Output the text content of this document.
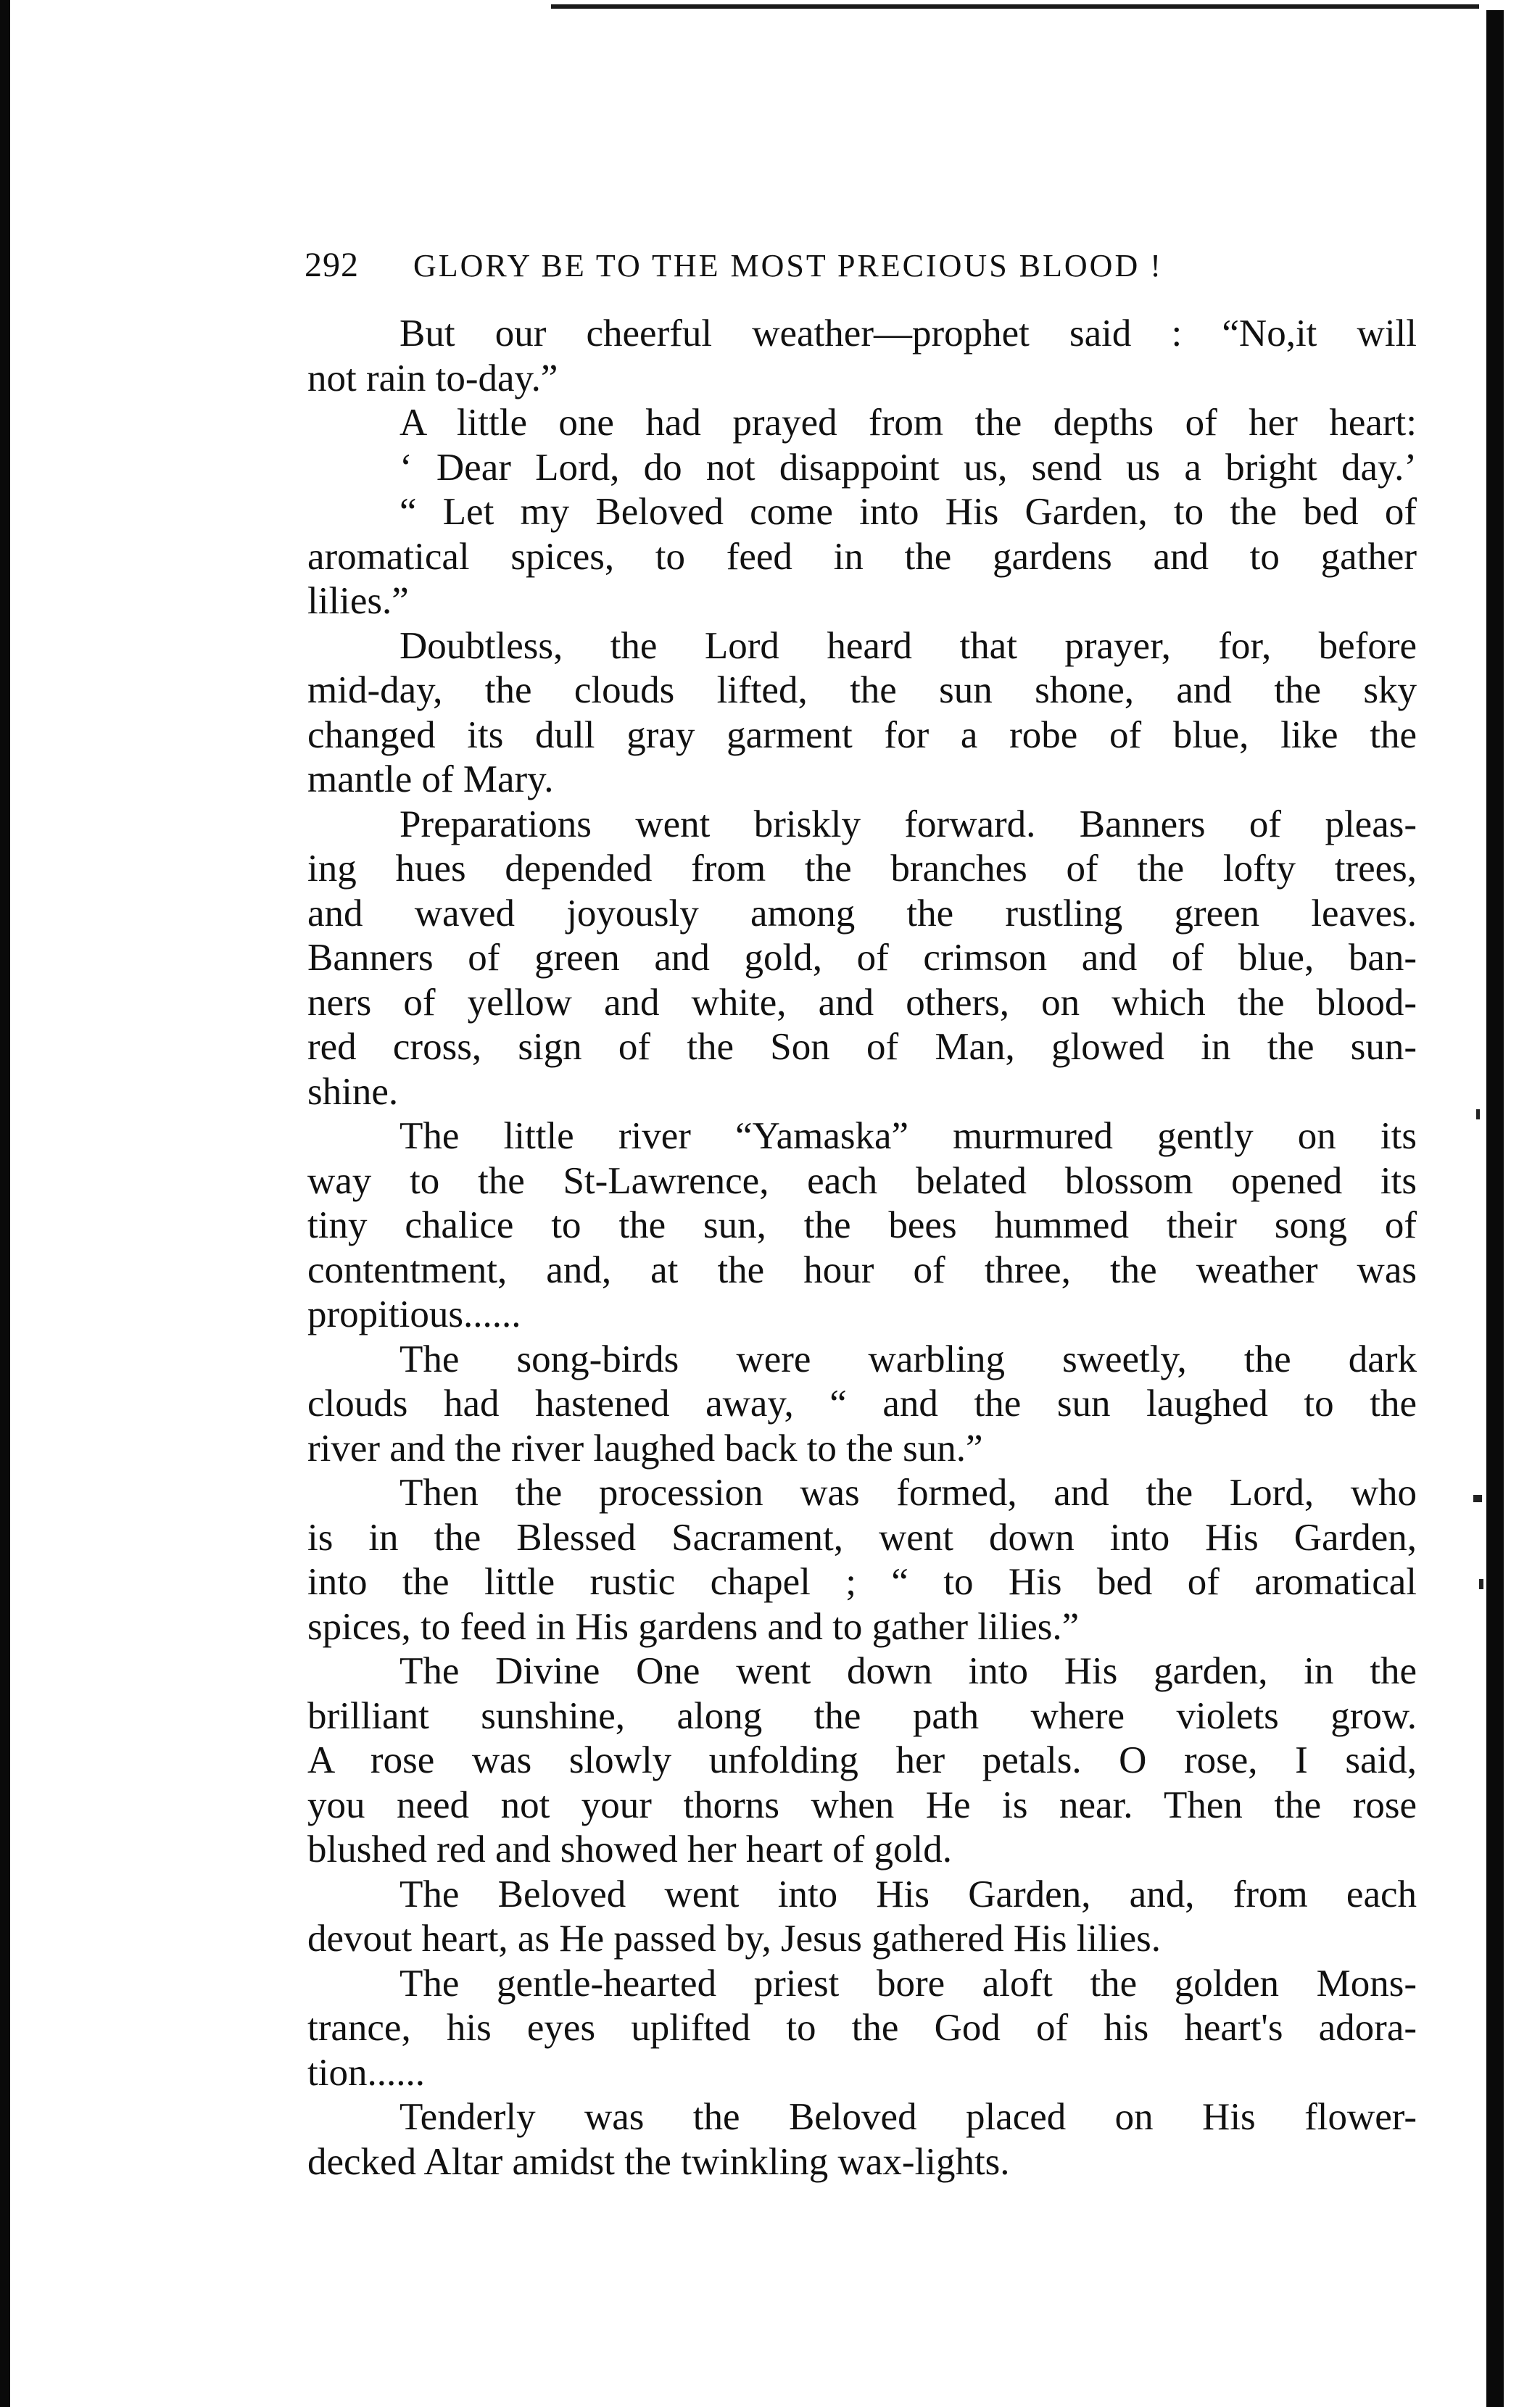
292	GLORY BE TO THE MOST PRECIOUS BLOOD !
But our cheerful weather—prophet said : “No,it will
not rain to-day.”
A little one had prayed from the depths of her heart:
‘ Dear Lord, do not disappoint us, send us a bright day.’
“ Let my Beloved come into His Garden, to the bed of
aromatical spices, to feed in the gardens and to gather
lilies.”
Doubtless, the Lord heard that prayer, for, before
mid-day, the clouds lifted, the sun shone, and the sky
changed its dull gray garment for a robe of blue, like the
mantle of Mary.
Preparations went briskly forward. Banners of pleas-
ing hues depended from the branches of the lofty trees,
and waved joyously among the rustling green leaves.
Banners of green and gold, of crimson and of blue, ban-
ners of yellow and white, and others, on which the blood-
red cross, sign of the Son of Man, glowed in the sun-
shine.
The little river “Yamaska” murmured gently on its
way to the St-Lawrence, each belated blossom opened its
tiny chalice to the sun, the bees hummed their song of
contentment, and, at the hour of three, the weather was
propitious......
The song-birds were warbling sweetly, the dark
clouds had hastened away, “ and the sun laughed to the
river and the river laughed back to the sun.”
Then the procession was formed, and the Lord, who
is in the Blessed Sacrament, went down into His Garden,
into the little rustic chapel ; “ to His bed of aromatical
spices, to feed in His gardens and to gather lilies.”
The Divine One went down into His garden, in the
brilliant sunshine, along the path where violets grow.
A rose was slowly unfolding her petals. O rose, I said,
you need not your thorns when He is near. Then the rose
blushed red and showed her heart of gold.
The Beloved went into His Garden, and, from each
devout heart, as He passed by, Jesus gathered His lilies.
The gentle-hearted priest bore aloft the golden Mons-
trance, his eyes uplifted to the God of his heart's adora-
tion......
Tenderly was the Beloved placed on His flower-
decked Altar amidst the twinkling wax-lights.
